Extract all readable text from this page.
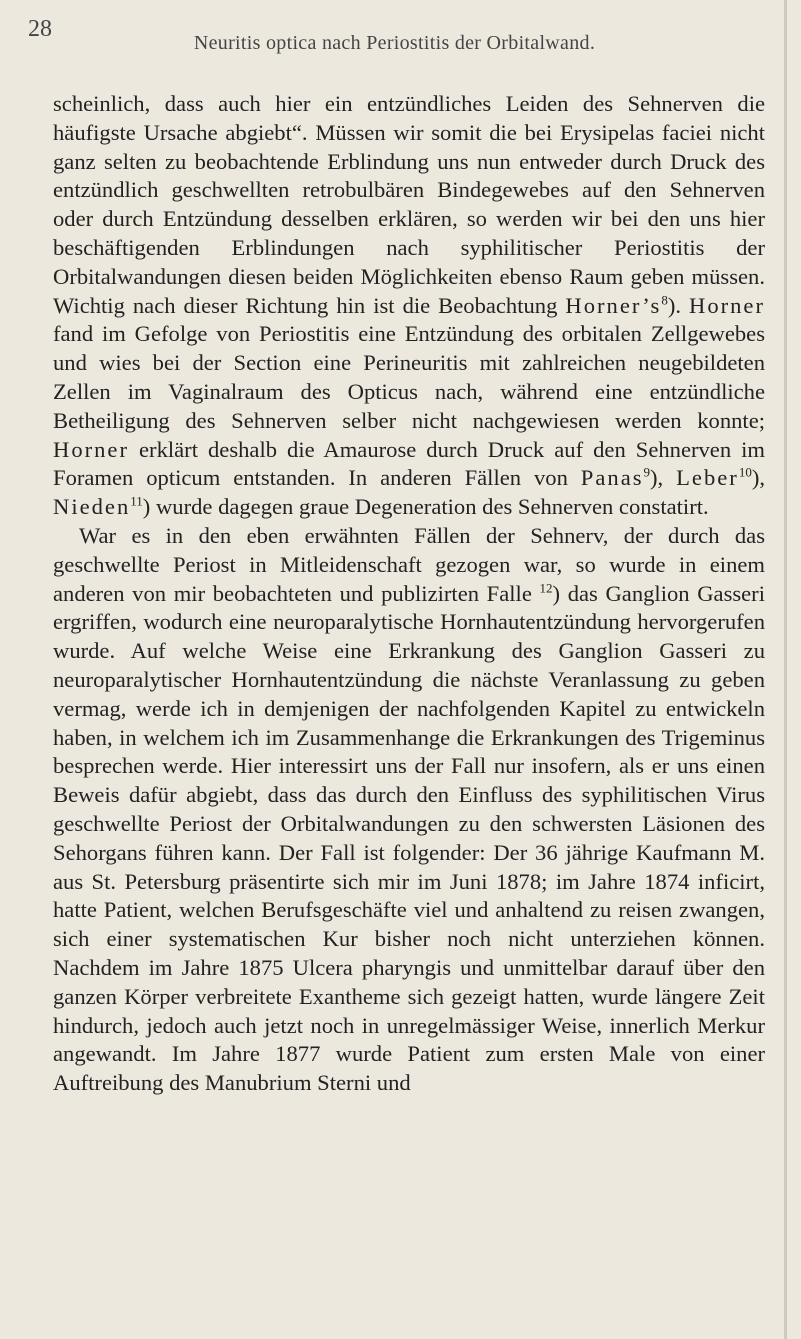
28
Neuritis optica nach Periostitis der Orbitalwand.

scheinlich, dass auch hier ein entzündliches Leiden des Sehnerven die häufigste Ursache abgiebt“. Müssen wir somit die bei Erysipelas faciei nicht ganz selten zu beobachtende Erblindung uns nun entweder durch Druck des entzündlich geschwellten retrobulbären Bindegewebes auf den Sehnerven oder durch Entzündung desselben erklären, so werden wir bei den uns hier beschäftigenden Erblindungen nach syphilitischer Periostitis der Orbitalwandungen diesen beiden Möglichkeiten ebenso Raum geben müssen. Wichtig nach dieser Richtung hin ist die Beobachtung $Horner’s^8$). Horner fand im Gefolge von Periostitis eine Entzündung des orbitalen Zellgewebes und wies bei der Section eine Perineuritis mit zahlreichen neugebildeten Zellen im Vaginalraum des Opticus nach, während eine entzündliche Betheiligung des Sehnerven selber nicht nachgewiesen werden konnte; Horner erklärt deshalb die Amaurose durch Druck auf den Sehnerven im Foramen opticum entstanden. In anderen Fällen von Panas$^9$), Leber$^{10}$), Nieden$^{11}$) wurde dagegen graue Degeneration des Sehnerven constatirt.

War es in den eben erwähnten Fällen der Sehnerv, der durch das geschwellte Periost in Mitleidenschaft gezogen war, so wurde in einem anderen von mir beobachteten und publizirten Falle $^{12}$) das Ganglion Gasseri ergriffen, wodurch eine neuroparalytische Hornhautentzündung hervorgerufen wurde. Auf welche Weise eine Erkrankung des Ganglion Gasseri zu neuroparalytischer Hornhautentzündung die nächste Veranlassung zu geben vermag, werde ich in demjenigen der nachfolgenden Kapitel zu entwickeln haben, in welchem ich im Zusammenhange die Erkrankungen des Trigeminus besprechen werde. Hier interessirt uns der Fall nur insofern, als er uns einen Beweis dafür abgiebt, dass das durch den Einfluss des syphilitischen Virus geschwellte Periost der Orbitalwandungen zu den schwersten Läsionen des Sehorgans führen kann. Der Fall ist folgender: Der 36 jährige Kaufmann M. aus St. Petersburg präsentirte sich mir im Juni 1878; im Jahre 1874 inficirt, hatte Patient, welchen Berufsgeschäfte viel und anhaltend zu reisen zwangen, sich einer systematischen Kur bisher noch nicht unterziehen können. Nachdem im Jahre 1875 Ulcera pharyngis und unmittelbar darauf über den ganzen Körper verbreitete Exantheme sich gezeigt hatten, wurde längere Zeit hindurch, jedoch auch jetzt noch in unregelmässiger Weise, innerlich Merkur angewandt. Im Jahre 1877 wurde Patient zum ersten Male von einer Auftreibung des Manubrium Sterni und
